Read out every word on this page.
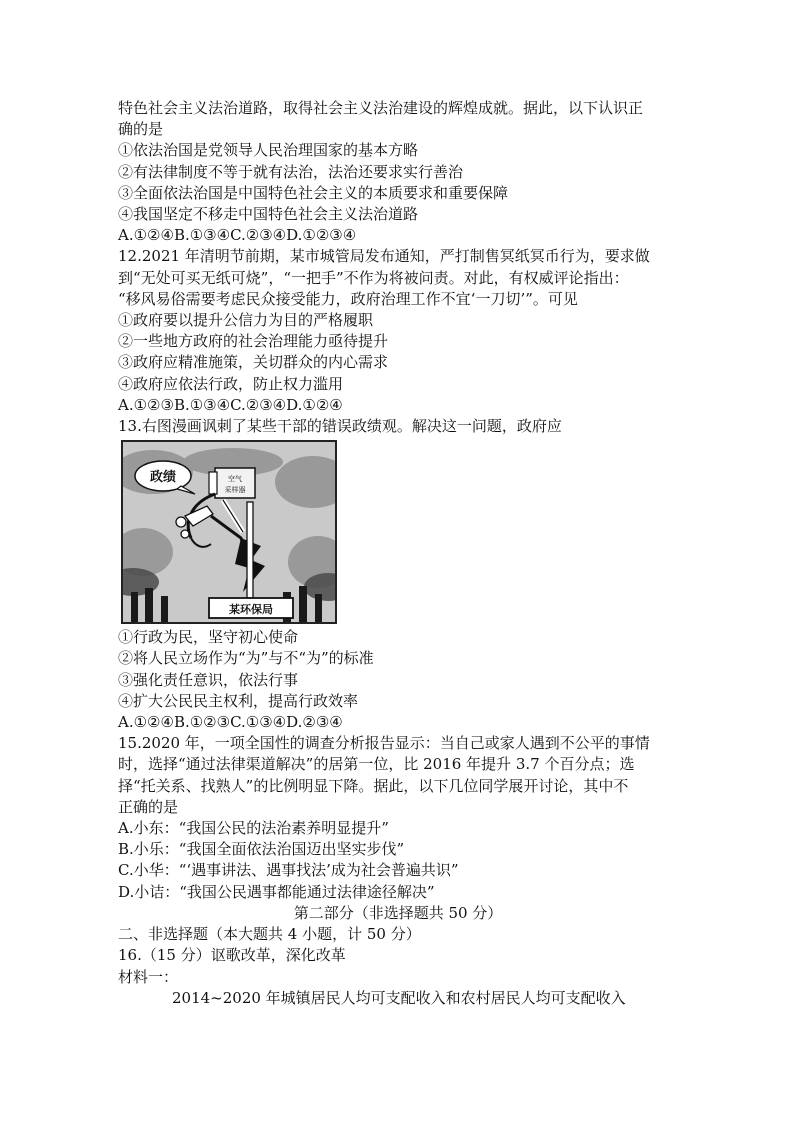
特色社会主义法治道路，取得社会主义法治建设的辉煌成就。据此，以下认识正
确的是
①依法治国是党领导人民治理国家的基本方略
②有法律制度不等于就有法治，法治还要求实行善治
③全面依法治国是中国特色社会主义的本质要求和重要保障
④我国坚定不移走中国特色社会主义法治道路
A.①②④B.①③④C.②③④D.①②③④
12.2021 年清明节前期，某市城管局发布通知，严打制售冥纸冥币行为，要求做
到“无处可买无纸可烧”，“一把手”不作为将被问责。对此，有权威评论指出：
“移风易俗需要考虑民众接受能力，政府治理工作不宜‘一刀切’”。可见
①政府要以提升公信力为目的严格履职
②一些地方政府的社会治理能力亟待提升
③政府应精准施策，关切群众的内心需求
④政府应依法行政，防止权力滥用
A.①②③B.①③④C.②③④D.①②④
13.右图漫画讽刺了某些干部的错误政绩观。解决这一问题，政府应
政绩	空气
采样器
某环保局
①行政为民，坚守初心使命
②将人民立场作为“为”与不“为”的标准
③强化责任意识，依法行事
④扩大公民民主权利，提高行政效率
A.①②④B.①②③C.①③④D.②③④
15.2020 年，一项全国性的调查分析报告显示：当自己或家人遇到不公平的事情
时，选择“通过法律渠道解决”的居第一位，比 2016 年提升 3.7 个百分点；选
择“托关系、找熟人”的比例明显下降。据此，以下几位同学展开讨论，其中不
正确的是
A.小东：“我国公民的法治素养明显提升”
B.小乐：“我国全面依法治国迈出坚实步伐”
C.小华：“‘遇事讲法、遇事找法’成为社会普遍共识”
D.小诘：“我国公民遇事都能通过法律途径解决”
第二部分（非选择题共 50 分）
二、非选择题（本大题共 4 小题，计 50 分）
16.（15 分）讴歌改革，深化改革
材料一：
2014~2020 年城镇居民人均可支配收入和农村居民人均可支配收入
